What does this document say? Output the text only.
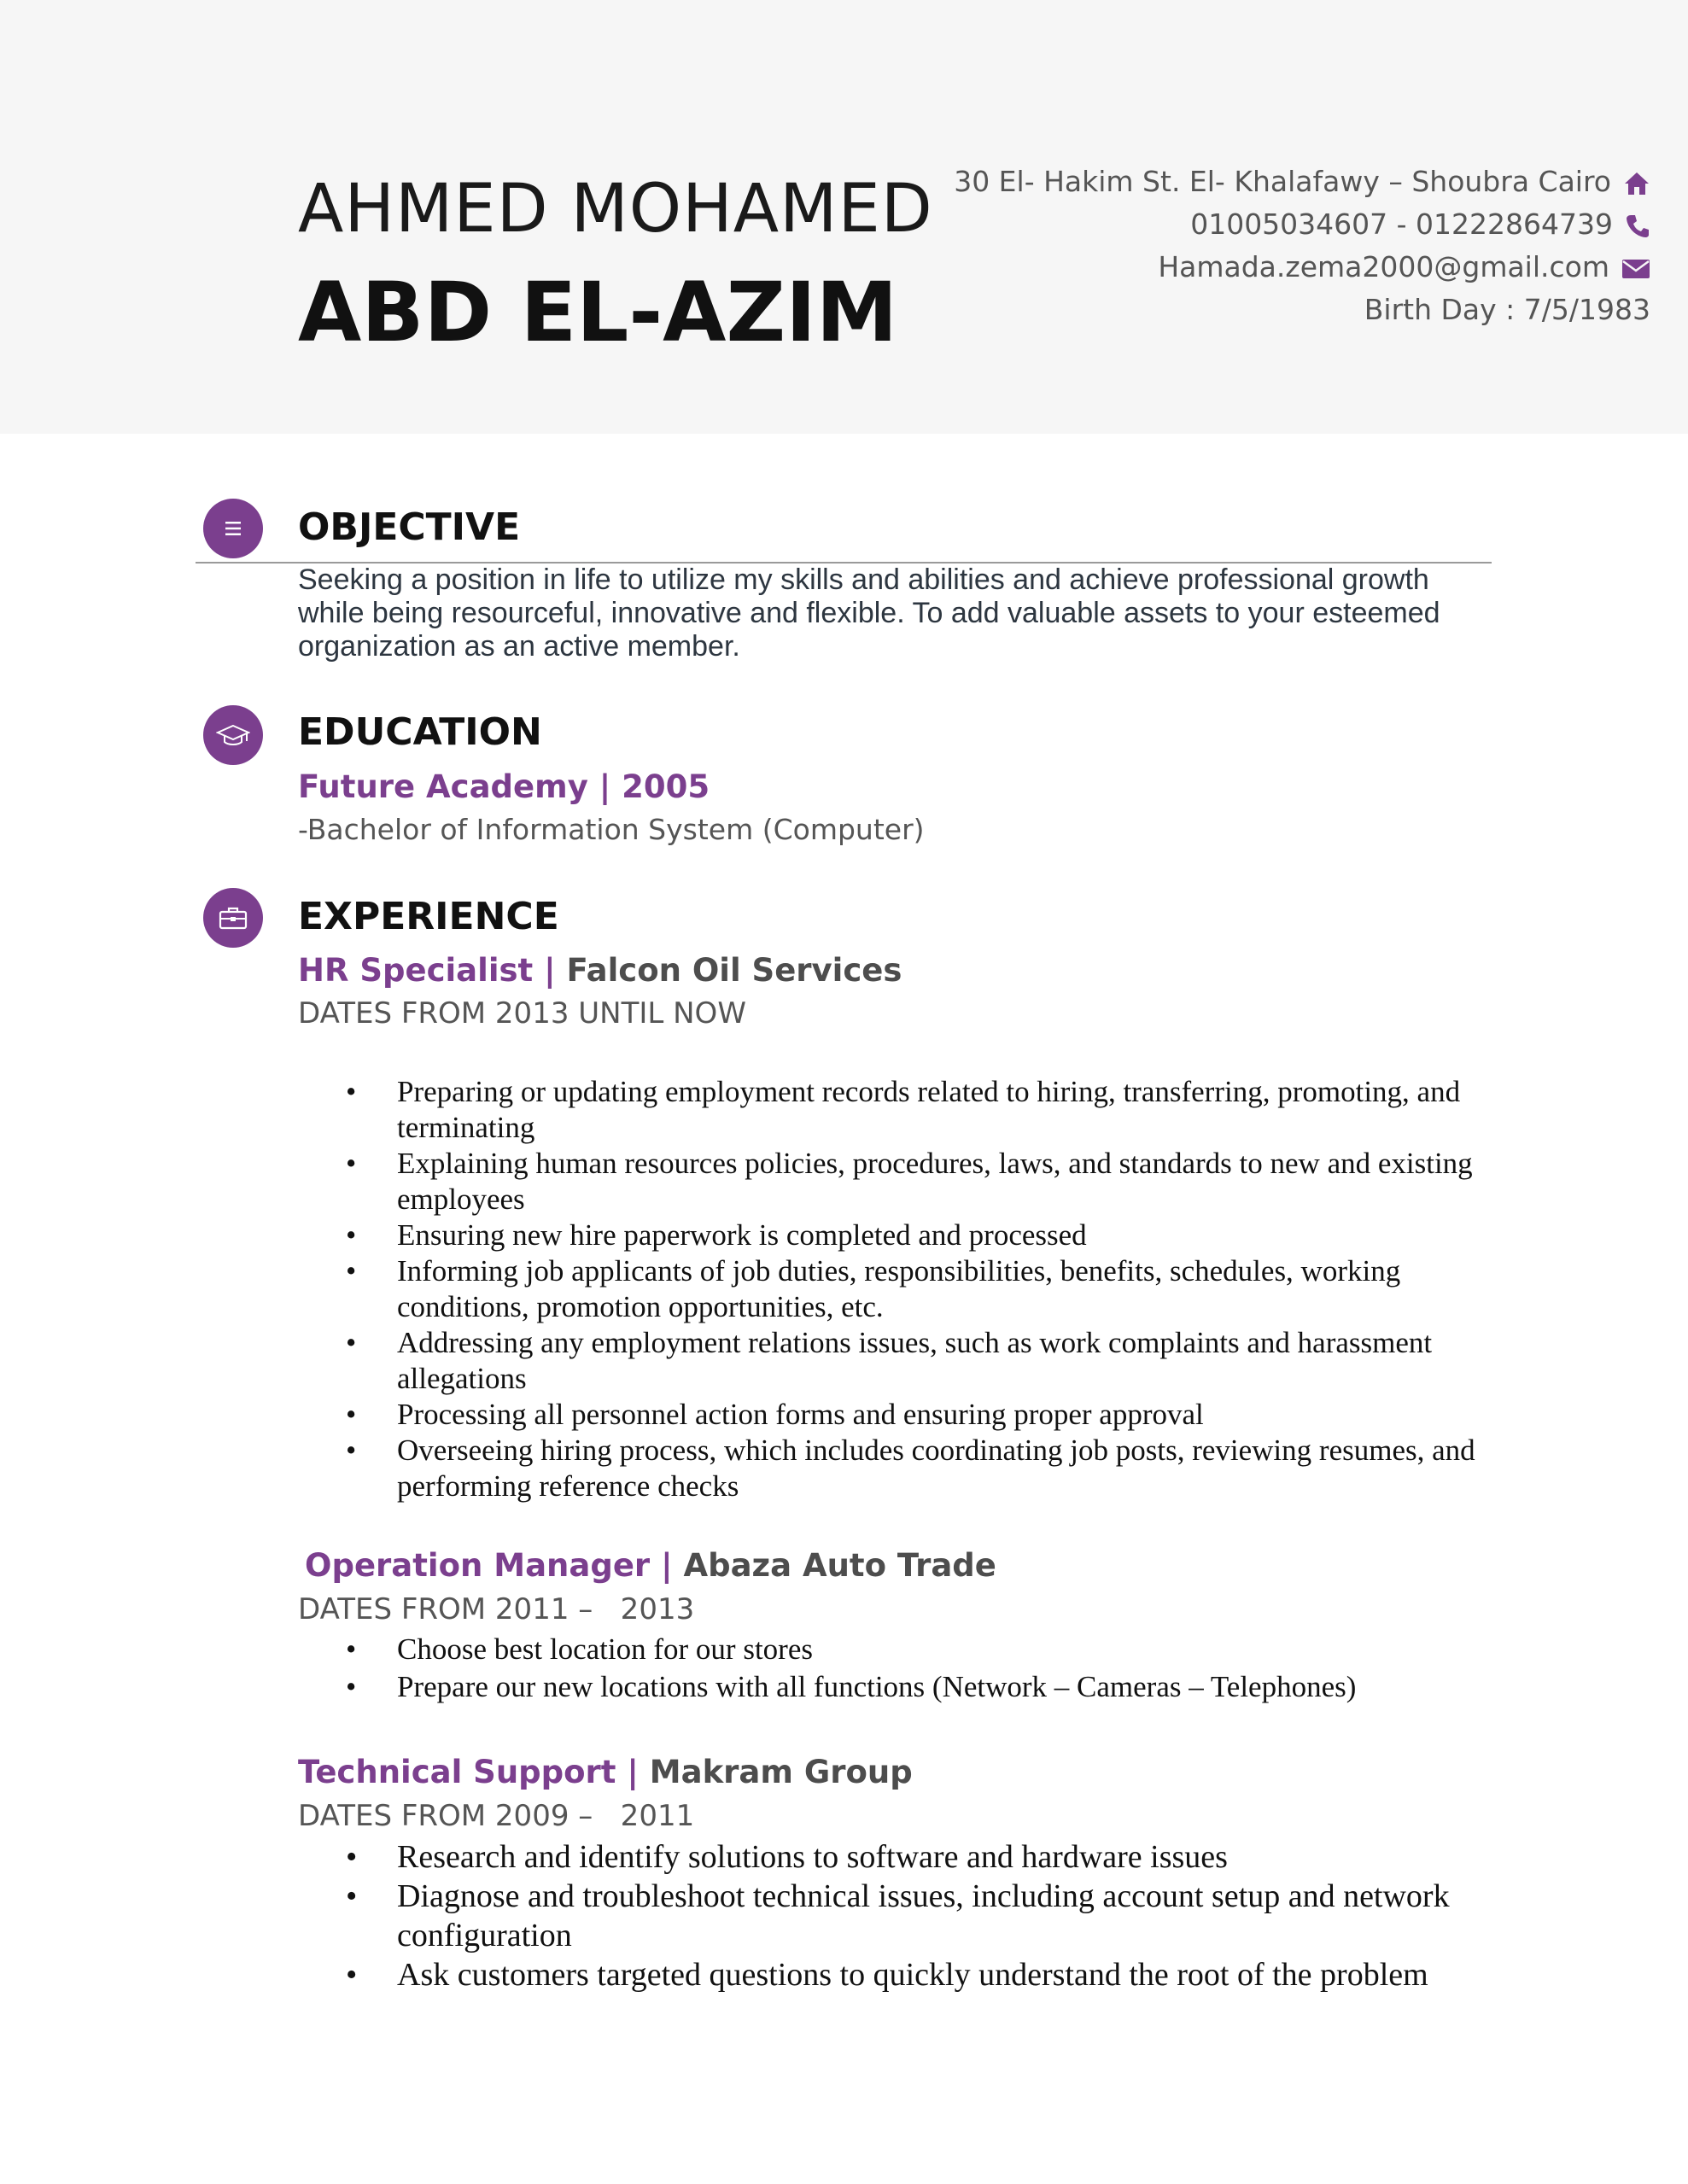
AHMED MOHAMED
ABD EL-AZIM
30 El- Hakim St. El- Khalafawy – Shoubra Cairo
01005034607 - 01222864739
Hamada.zema2000@gmail.com
Birth Day : 7/5/1983
OBJECTIVE

Seeking a position in life to utilize my skills and abilities and achieve professional growth while being resourceful, innovative and flexible. To add valuable assets to your esteemed organization as an active member.

EDUCATION

Future Academy | 2005

-Bachelor of Information System (Computer)

EXPERIENCE

HR Specialist | Falcon Oil Services

DATES FROM 2013 UNTIL NOW

• Preparing or updating employment records related to hiring, transferring, promoting, and terminating
• Explaining human resources policies, procedures, laws, and standards to new and existing employees
• Ensuring new hire paperwork is completed and processed
• Informing job applicants of job duties, responsibilities, benefits, schedules, working conditions, promotion opportunities, etc.
• Addressing any employment relations issues, such as work complaints and harassment allegations
• Processing all personnel action forms and ensuring proper approval
• Overseeing hiring process, which includes coordinating job posts, reviewing resumes, and performing reference checks

Operation Manager | Abaza Auto Trade

DATES FROM 2011 –   2013

• Choose best location for our stores
• Prepare our new locations with all functions (Network – Cameras – Telephones)

Technical Support | Makram Group

DATES FROM 2009 –   2011

• Research and identify solutions to software and hardware issues
• Diagnose and troubleshoot technical issues, including account setup and network configuration
• Ask customers targeted questions to quickly understand the root of the problem
